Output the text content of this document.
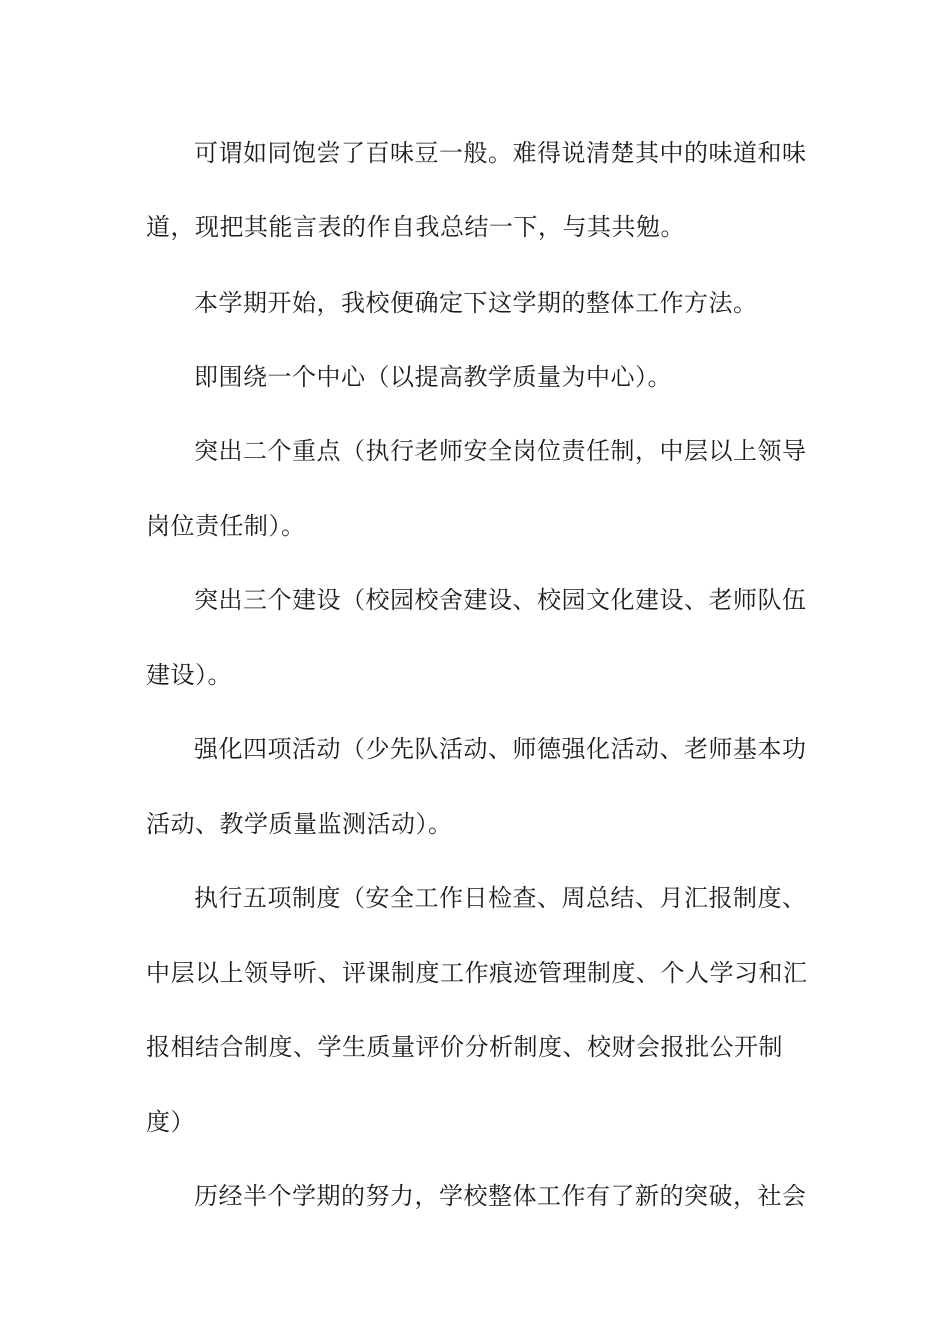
可谓如同饱尝了百味豆一般。难得说清楚其中的味道和味
道，现把其能言表的作自我总结一下，与其共勉。
本学期开始，我校便确定下这学期的整体工作方法。
即围绕一个中心（以提高教学质量为中心）。
突出二个重点（执行老师安全岗位责任制，中层以上领导
岗位责任制）。
突出三个建设（校园校舍建设、校园文化建设、老师队伍
建设）。
强化四项活动（少先队活动、师德强化活动、老师基本功
活动、教学质量监测活动）。
执行五项制度（安全工作日检查、周总结、月汇报制度、
中层以上领导听、评课制度工作痕迹管理制度、个人学习和汇
报相结合制度、学生质量评价分析制度、校财会报批公开制
度）
历经半个学期的努力，学校整体工作有了新的突破，社会
